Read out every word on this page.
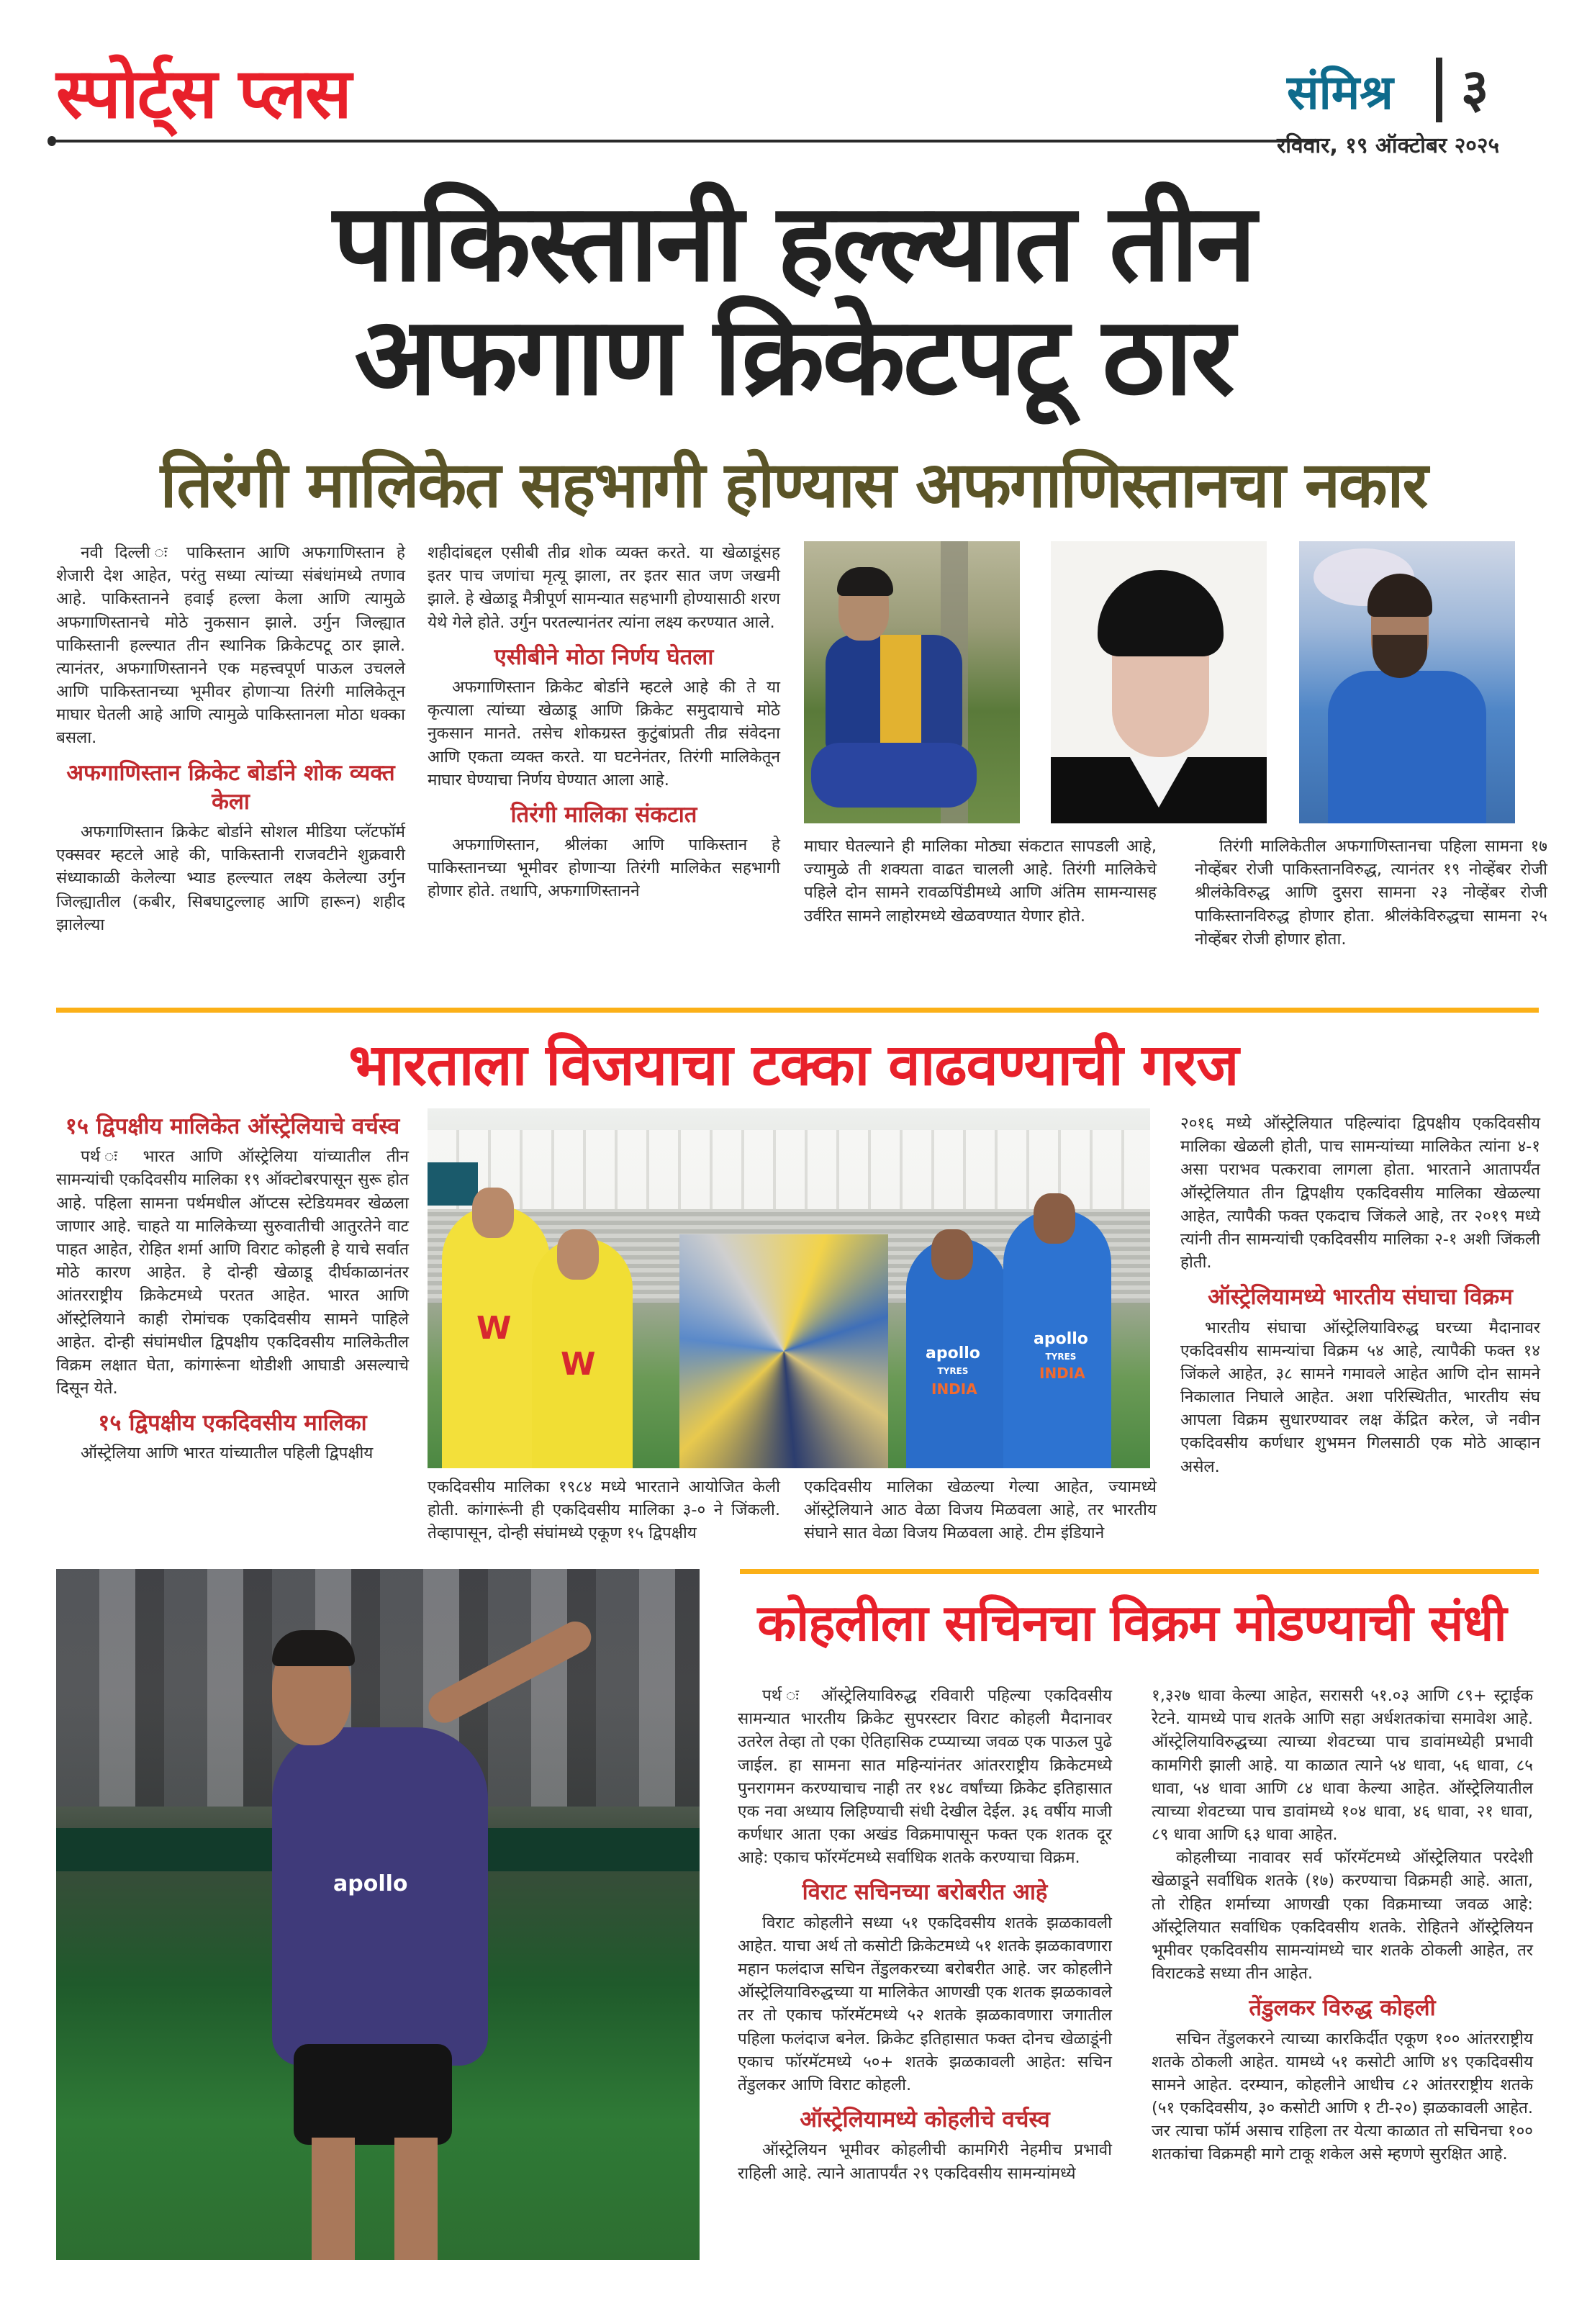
स्पोर्ट्स प्लस	संमिश्र ३
रविवार, १९ ऑक्टोबर २०२५
पाकिस्तानी हल्ल्यात तीन
अफगाण क्रिकेटपटू ठार
तिरंगी मालिकेत सहभागी होण्यास अफगाणिस्तानचा नकार

नवी दिल्ली ः पाकिस्तान आणि अफगाणिस्तान हे शेजारी देश आहेत, परंतु सध्या त्यांच्या संबंधांमध्ये तणाव आहे. पाकिस्तानने हवाई हल्ला केला आणि त्यामुळे अफगाणिस्तानचे मोठे नुकसान झाले. उर्गुन जिल्ह्यात पाकिस्तानी हल्ल्यात तीन स्थानिक क्रिकेटपटू ठार झाले. त्यानंतर, अफगाणिस्तानने एक महत्त्वपूर्ण पाऊल उचलले आणि पाकिस्तानच्या भूमीवर होणाऱ्या तिरंगी मालिकेतून माघार घेतली आहे आणि त्यामुळे पाकिस्तानला मोठा धक्का बसला.

अफगाणिस्तान क्रिकेट बोर्डाने शोक व्यक्त केला

अफगाणिस्तान क्रिकेट बोर्डाने सोशल मीडिया प्लॅटफॉर्म एक्सवर म्हटले आहे की, पाकिस्तानी राजवटीने शुक्रवारी संध्याकाळी केलेल्या भ्याड हल्ल्यात लक्ष्य केलेल्या उर्गुन जिल्ह्यातील (कबीर, सिबघाटुल्लाह आणि हारून) शहीद झालेल्या

शहीदांबद्दल एसीबी तीव्र शोक व्यक्त करते. या खेळाडूंसह इतर पाच जणांचा मृत्यू झाला, तर इतर सात जण जखमी झाले. हे खेळाडू मैत्रीपूर्ण सामन्यात सहभागी होण्यासाठी शरण येथे गेले होते. उर्गुन परतल्यानंतर त्यांना लक्ष्य करण्यात आले.

एसीबीने मोठा निर्णय घेतला

अफगाणिस्तान क्रिकेट बोर्डाने म्हटले आहे की ते या कृत्याला त्यांच्या खेळाडू आणि क्रिकेट समुदायाचे मोठे नुकसान मानते. तसेच शोकग्रस्त कुटुंबांप्रती तीव्र संवेदना आणि एकता व्यक्त करते. या घटनेनंतर, तिरंगी मालिकेतून माघार घेण्याचा निर्णय घेण्यात आला आहे.

तिरंगी मालिका संकटात

अफगाणिस्तान, श्रीलंका आणि पाकिस्तान हे पाकिस्तानच्या भूमीवर होणाऱ्या तिरंगी मालिकेत सहभागी होणार होते. तथापि, अफगाणिस्तानने

माघार घेतल्याने ही मालिका मोठ्या संकटात सापडली आहे, ज्यामुळे ती शक्यता वाढत चालली आहे. तिरंगी मालिकेचे पहिले दोन सामने रावळपिंडीमध्ये आणि अंतिम सामन्यासह उर्वरित सामने लाहोरमध्ये खेळवण्यात येणार होते.

तिरंगी मालिकेतील अफगाणिस्तानचा पहिला सामना १७ नोव्हेंबर रोजी पाकिस्तानविरुद्ध, त्यानंतर १९ नोव्हेंबर रोजी श्रीलंकेविरुद्ध आणि दुसरा सामना २३ नोव्हेंबर रोजी पाकिस्तानविरुद्ध होणार होता. श्रीलंकेविरुद्धचा सामना २५ नोव्हेंबर रोजी होणार होता.

भारताला विजयाचा टक्का वाढवण्याची गरज
१५ द्विपक्षीय मालिकेत ऑस्ट्रेलियाचे वर्चस्व

पर्थ ः भारत आणि ऑस्ट्रेलिया यांच्यातील तीन सामन्यांची एकदिवसीय मालिका १९ ऑक्टोबरपासून सुरू होत आहे. पहिला सामना पर्थमधील ऑप्टस स्टेडियमवर खेळला जाणार आहे. चाहते या मालिकेच्या सुरुवातीची आतुरतेने वाट पाहत आहेत, रोहित शर्मा आणि विराट कोहली हे याचे सर्वात मोठे कारण आहेत. हे दोन्ही खेळाडू दीर्घकाळानंतर आंतरराष्ट्रीय क्रिकेटमध्ये परतत आहेत. भारत आणि ऑस्ट्रेलियाने काही रोमांचक एकदिवसीय सामने पाहिले आहेत. दोन्ही संघांमधील द्विपक्षीय एकदिवसीय मालिकेतील विक्रम लक्षात घेता, कांगारूंना थोडीशी आघाडी असल्याचे दिसून येते.

१५ द्विपक्षीय एकदिवसीय मालिका

ऑस्ट्रेलिया आणि भारत यांच्यातील पहिली द्विपक्षीय

W
W	apollo
TYRES
apollo
TYRES
INDIA
INDIA

एकदिवसीय मालिका १९८४ मध्ये भारताने आयोजित केली होती. कांगारूंनी ही एकदिवसीय मालिका ३-० ने जिंकली. तेव्हापासून, दोन्ही संघांमध्ये एकूण १५ द्विपक्षीय

एकदिवसीय मालिका खेळल्या गेल्या आहेत, ज्यामध्ये ऑस्ट्रेलियाने आठ वेळा विजय मिळवला आहे, तर भारतीय संघाने सात वेळा विजय मिळवला आहे. टीम इंडियाने

२०१६ मध्ये ऑस्ट्रेलियात पहिल्यांदा द्विपक्षीय एकदिवसीय मालिका खेळली होती, पाच सामन्यांच्या मालिकेत त्यांना ४-१ असा पराभव पत्करावा लागला होता. भारताने आतापर्यंत ऑस्ट्रेलियात तीन द्विपक्षीय एकदिवसीय मालिका खेळल्या आहेत, त्यापैकी फक्त एकदाच जिंकले आहे, तर २०१९ मध्ये त्यांनी तीन सामन्यांची एकदिवसीय मालिका २-१ अशी जिंकली होती.

ऑस्ट्रेलियामध्ये भारतीय संघाचा विक्रम

भारतीय संघाचा ऑस्ट्रेलियाविरुद्ध घरच्या मैदानावर एकदिवसीय सामन्यांचा विक्रम ५४ आहे, त्यापैकी फक्त १४ जिंकले आहेत, ३८ सामने गमावले आहेत आणि दोन सामने निकालात निघाले आहेत. अशा परिस्थितीत, भारतीय संघ आपला विक्रम सुधारण्यावर लक्ष केंद्रित करेल, जे नवीन एकदिवसीय कर्णधार शुभमन गिलसाठी एक मोठे आव्हान असेल.

apollo
कोहलीला सचिनचा विक्रम मोडण्याची संधी

पर्थ ः ऑस्ट्रेलियाविरुद्ध रविवारी पहिल्या एकदिवसीय सामन्यात भारतीय क्रिकेट सुपरस्टार विराट कोहली मैदानावर उतरेल तेव्हा तो एका ऐतिहासिक टप्प्याच्या जवळ एक पाऊल पुढे जाईल. हा सामना सात महिन्यांनंतर आंतरराष्ट्रीय क्रिकेटमध्ये पुनरागमन करण्याचाच नाही तर १४८ वर्षांच्या क्रिकेट इतिहासात एक नवा अध्याय लिहिण्याची संधी देखील देईल. ३६ वर्षीय माजी कर्णधार आता एका अखंड विक्रमापासून फक्त एक शतक दूर आहे: एकाच फॉरमॅटमध्ये सर्वाधिक शतके करण्याचा विक्रम.

विराट सचिनच्या बरोबरीत आहे

विराट कोहलीने सध्या ५१ एकदिवसीय शतके झळकावली आहेत. याचा अर्थ तो कसोटी क्रिकेटमध्ये ५१ शतके झळकावणारा महान फलंदाज सचिन तेंडुलकरच्या बरोबरीत आहे. जर कोहलीने ऑस्ट्रेलियाविरुद्धच्या या मालिकेत आणखी एक शतक झळकावले तर तो एकाच फॉरमॅटमध्ये ५२ शतके झळकावणारा जगातील पहिला फलंदाज बनेल. क्रिकेट इतिहासात फक्त दोनच खेळाडूंनी एकाच फॉरमॅटमध्ये ५०+ शतके झळकावली आहेत: सचिन तेंडुलकर आणि विराट कोहली.

ऑस्ट्रेलियामध्ये कोहलीचे वर्चस्व

ऑस्ट्रेलियन भूमीवर कोहलीची कामगिरी नेहमीच प्रभावी राहिली आहे. त्याने आतापर्यंत २९ एकदिवसीय सामन्यांमध्ये

१,३२७ धावा केल्या आहेत, सरासरी ५१.०३ आणि ८९+ स्ट्राईक रेटने. यामध्ये पाच शतके आणि सहा अर्धशतकांचा समावेश आहे. ऑस्ट्रेलियाविरुद्धच्या त्याच्या शेवटच्या पाच डावांमध्येही प्रभावी कामगिरी झाली आहे. या काळात त्याने ५४ धावा, ५६ धावा, ८५ धावा, ५४ धावा आणि ८४ धावा केल्या आहेत. ऑस्ट्रेलियातील त्याच्या शेवटच्या पाच डावांमध्ये १०४ धावा, ४६ धावा, २१ धावा, ८९ धावा आणि ६३ धावा आहेत.

कोहलीच्या नावावर सर्व फॉरमॅटमध्ये ऑस्ट्रेलियात परदेशी खेळाडूने सर्वाधिक शतके (१७) करण्याचा विक्रमही आहे. आता, तो रोहित शर्माच्या आणखी एका विक्रमाच्या जवळ आहे: ऑस्ट्रेलियात सर्वाधिक एकदिवसीय शतके. रोहितने ऑस्ट्रेलियन भूमीवर एकदिवसीय सामन्यांमध्ये चार शतके ठोकली आहेत, तर विराटकडे सध्या तीन आहेत.

तेंडुलकर विरुद्ध कोहली

सचिन तेंडुलकरने त्याच्या कारकिर्दीत एकूण १०० आंतरराष्ट्रीय शतके ठोकली आहेत. यामध्ये ५१ कसोटी आणि ४९ एकदिवसीय सामने आहेत. दरम्यान, कोहलीने आधीच ८२ आंतरराष्ट्रीय शतके (५१ एकदिवसीय, ३० कसोटी आणि १ टी-२०) झळकावली आहेत. जर त्याचा फॉर्म असाच राहिला तर येत्या काळात तो सचिनचा १०० शतकांचा विक्रमही मागे टाकू शकेल असे म्हणणे सुरक्षित आहे.
